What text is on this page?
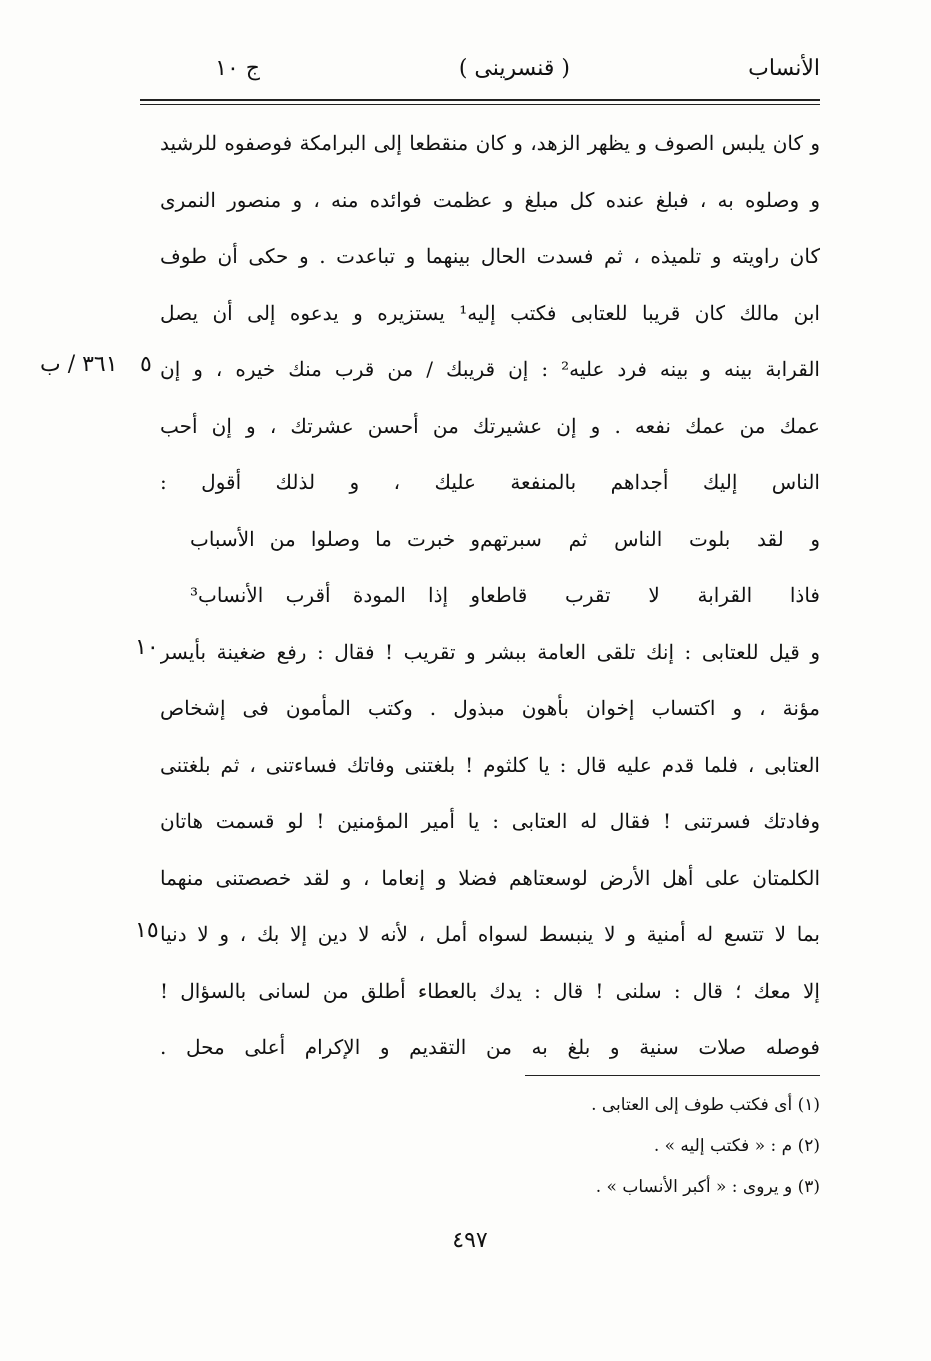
الأنساب
( قنسرينى )
ج ١٠
و كان يلبس الصوف و يظهر الزهد، و كان منقطعا إلى البرامكة فوصفوه للرشيد
و وصلوه به ، فبلغ عنده كل مبلغ و عظمت فوائده منه ، و منصور النمرى
كان راويته و تلميذه ، ثم فسدت الحال بينهما و تباعدت . و حكى أن طوف
ابن مالك كان قريبا للعتابى فكتب إليه¹ يستزيره و يدعوه إلى أن يصل
القرابة بينه و بينه فرد عليه² : إن قريبك / من قرب منك خيره ، و إن
عمك من عمك نفعه . و إن عشيرتك من أحسن عشرتك ، و إن أحب
الناس إليك أجداهم بالمنفعة عليك ، و لذلك أقول :
و لقد بلوت الناس ثم سبرتهم
و خبرت ما وصلوا من الأسباب
فاذا القرابة لا تقرب قاطعا
و إذا المودة أقرب الأنساب³
و قيل للعتابى : إنك تلقى العامة ببشر و تقريب ! فقال : رفع ضغينة بأيسر
مؤنة ، و اكتساب إخوان بأهون مبذول . وكتب المأمون فى إشخاص
العتابى ، فلما قدم عليه قال : يا كلثوم ! بلغتنى وفاتك فساءتنى ، ثم بلغتنى
وفادتك فسرتنى ! فقال له العتابى : يا أمير المؤمنين ! لو قسمت هاتان
الكلمتان على أهل الأرض لوسعتاهم فضلا و إنعاما ، و لقد خصصتنى منهما
بما لا تتسع له أمنية و لا ينبسط لسواه أمل ، لأنه لا دين إلا بك ، و لا دنيا
إلا معك ؛ قال : سلنى ! قال : يدك بالعطاء أطلق من لسانى بالسؤال !
فوصله صلات سنية و بلغ به من التقديم و الإكرام أعلى محل .
٣٦١ / ب ٥
١٠
١٥
(١) أى فكتب طوف إلى العتابى .
(٢) م : « فكتب إليه » .
(٣) و يروى : « أكبر الأنساب » .
٤٩٧
